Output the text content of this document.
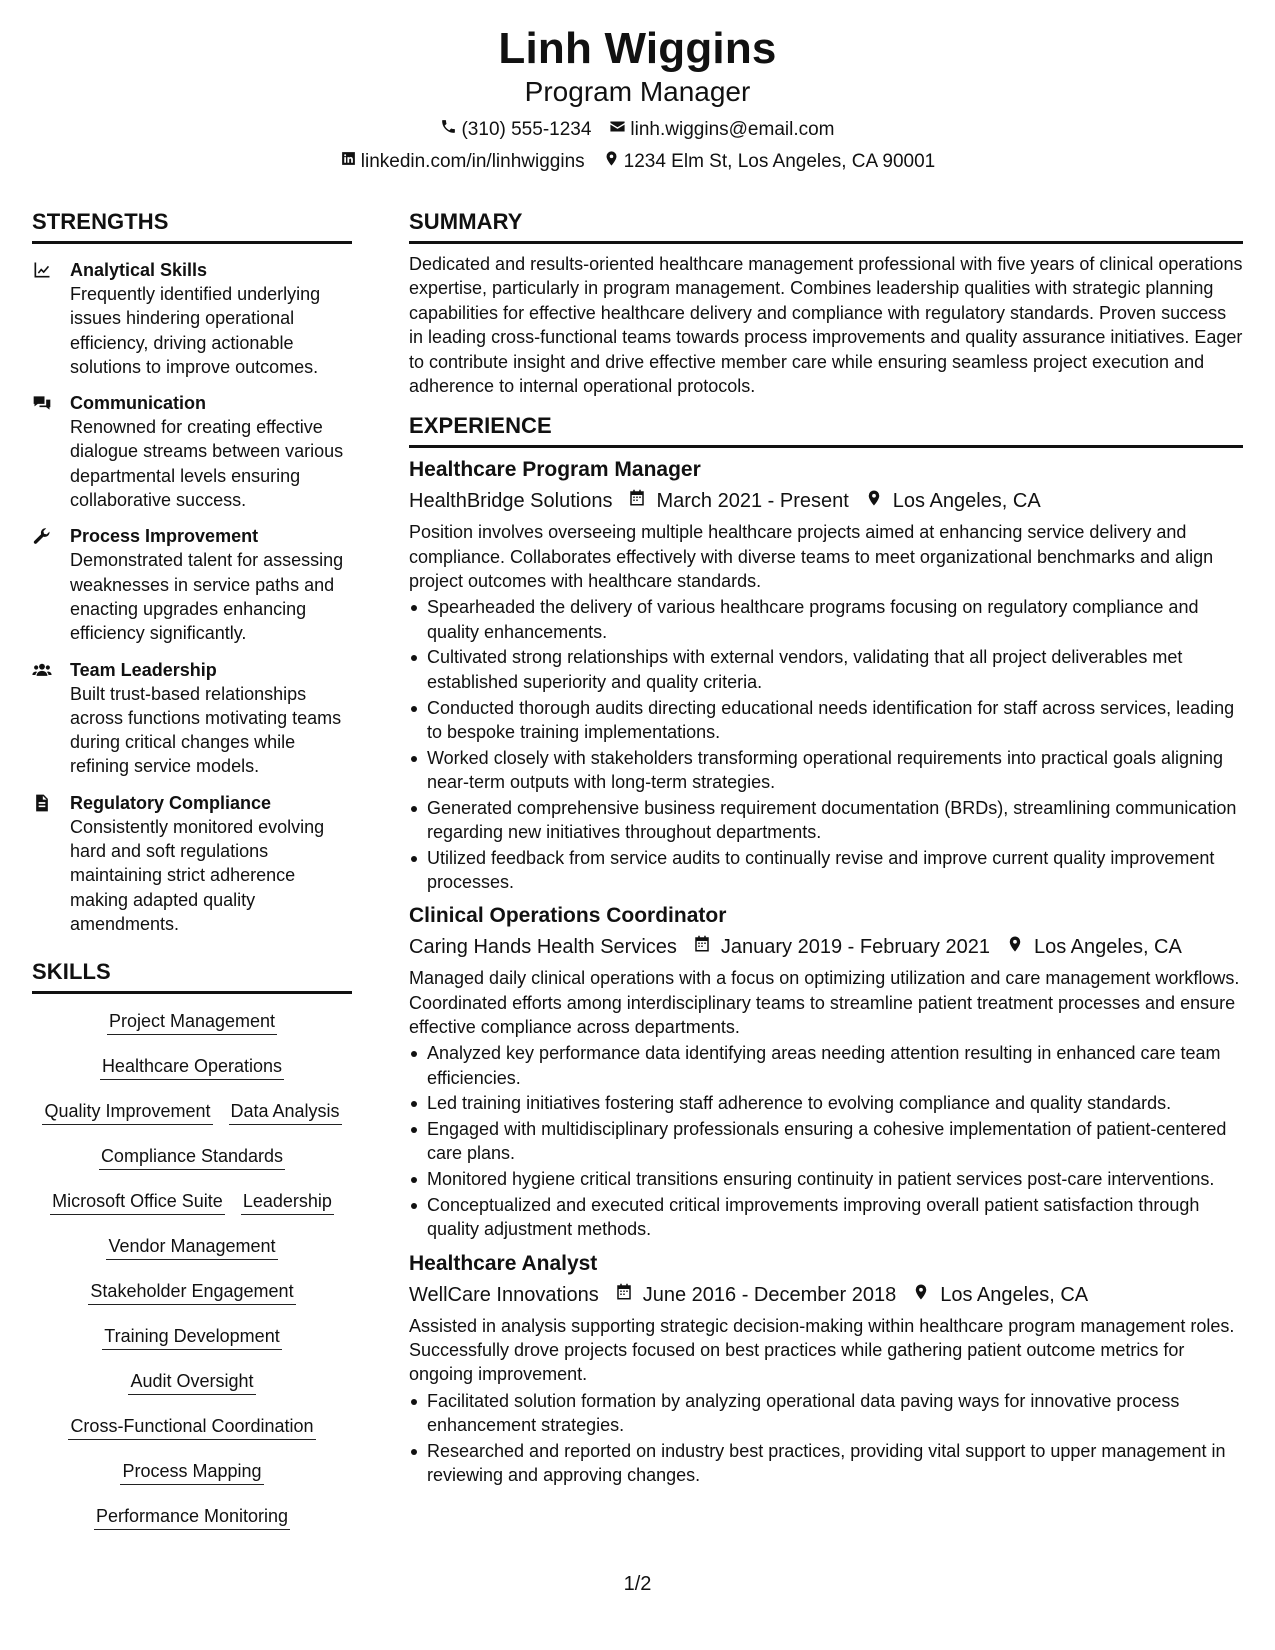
Linh Wiggins
Program Manager
(310) 555-1234 linh.wiggins@email.com
linkedin.com/in/linhwiggins 1234 Elm St, Los Angeles, CA 90001
STRENGTHS
Analytical Skills
Frequently identified underlying issues hindering operational efficiency, driving actionable solutions to improve outcomes.
Communication
Renowned for creating effective dialogue streams between various departmental levels ensuring collaborative success.
Process Improvement
Demonstrated talent for assessing weaknesses in service paths and enacting upgrades enhancing efficiency significantly.
Team Leadership
Built trust-based relationships across functions motivating teams during critical changes while refining service models.
Regulatory Compliance
Consistently monitored evolving hard and soft regulations maintaining strict adherence making adapted quality amendments.
SKILLS
Project Management
Healthcare Operations
Quality Improvement Data Analysis
Compliance Standards
Microsoft Office Suite Leadership
Vendor Management
Stakeholder Engagement
Training Development
Audit Oversight
Cross-Functional Coordination
Process Mapping
Performance Monitoring
SUMMARY
Dedicated and results-oriented healthcare management professional with five years of clinical operations expertise, particularly in program management. Combines leadership qualities with strategic planning capabilities for effective healthcare delivery and compliance with regulatory standards. Proven success in leading cross-functional teams towards process improvements and quality assurance initiatives. Eager to contribute insight and drive effective member care while ensuring seamless project execution and adherence to internal operational protocols.
EXPERIENCE
Healthcare Program Manager
HealthBridge Solutions March 2021 - Present Los Angeles, CA
Position involves overseeing multiple healthcare projects aimed at enhancing service delivery and compliance. Collaborates effectively with diverse teams to meet organizational benchmarks and align project outcomes with healthcare standards.
Spearheaded the delivery of various healthcare programs focusing on regulatory compliance and quality enhancements.
Cultivated strong relationships with external vendors, validating that all project deliverables met established superiority and quality criteria.
Conducted thorough audits directing educational needs identification for staff across services, leading to bespoke training implementations.
Worked closely with stakeholders transforming operational requirements into practical goals aligning near-term outputs with long-term strategies.
Generated comprehensive business requirement documentation (BRDs), streamlining communication regarding new initiatives throughout departments.
Utilized feedback from service audits to continually revise and improve current quality improvement processes.
Clinical Operations Coordinator
Caring Hands Health Services January 2019 - February 2021 Los Angeles, CA
Managed daily clinical operations with a focus on optimizing utilization and care management workflows. Coordinated efforts among interdisciplinary teams to streamline patient treatment processes and ensure effective compliance across departments.
Analyzed key performance data identifying areas needing attention resulting in enhanced care team efficiencies.
Led training initiatives fostering staff adherence to evolving compliance and quality standards.
Engaged with multidisciplinary professionals ensuring a cohesive implementation of patient-centered care plans.
Monitored hygiene critical transitions ensuring continuity in patient services post-care interventions.
Conceptualized and executed critical improvements improving overall patient satisfaction through quality adjustment methods.
Healthcare Analyst
WellCare Innovations June 2016 - December 2018 Los Angeles, CA
Assisted in analysis supporting strategic decision-making within healthcare program management roles. Successfully drove projects focused on best practices while gathering patient outcome metrics for ongoing improvement.
Facilitated solution formation by analyzing operational data paving ways for innovative process enhancement strategies.
Researched and reported on industry best practices, providing vital support to upper management in reviewing and approving changes.
1/2
